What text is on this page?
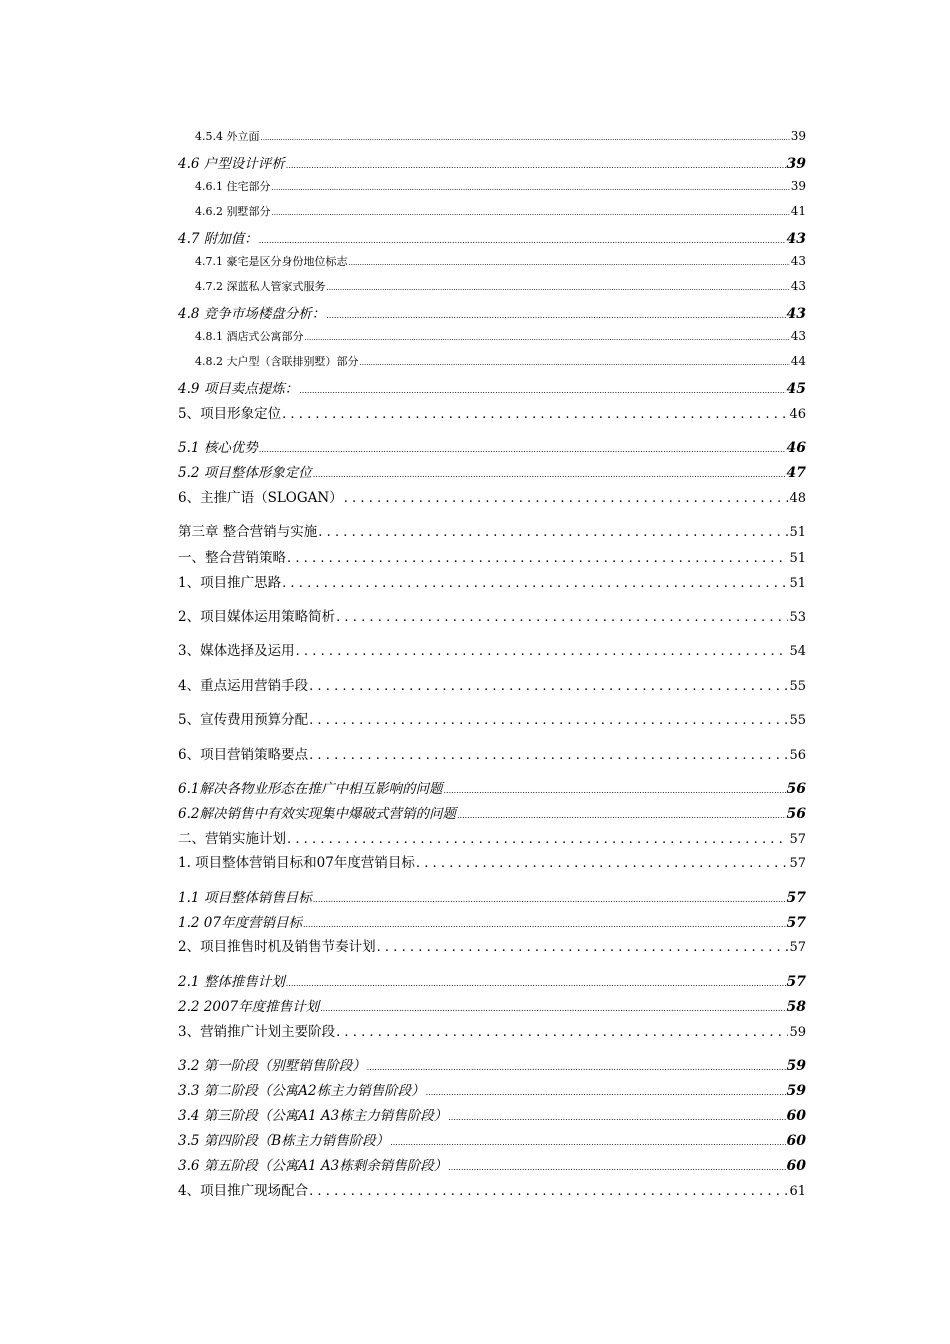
4.5.4 外立面 .....	39
4.6 户型设计评析 .....	39
4.6.1 住宅部分 .....	39
4.6.2 别墅部分 .....	41
4.7 附加值： .....	43
4.7.1 豪宅是区分身份地位标志 .....	43
4.7.2 深蓝私人管家式服务 .....	43
4.8 竞争市场楼盘分析： .....	43
4.8.1 酒店式公寓部分 .....	43
4.8.2 大户型（含联排别墅）部分 .....	44
4.9 项目卖点提炼： .....	45
5、项目形象定位 .....	46
5.1 核心优势 .....	46
5.2 项目整体形象定位 .....	47
6、主推广语（SLOGAN） .....	48
第三章 整合营销与实施 .....	51
一、整合营销策略 .....	51
1、项目推广思路 .....	51
2、项目媒体运用策略简析 .....	53
3、媒体选择及运用 .....	54
4、重点运用营销手段 .....	55
5、宣传费用预算分配 .....	55
6、项目营销策略要点 .....	56
6.1解决各物业形态在推广中相互影响的问题 .....	56
6.2解决销售中有效实现集中爆破式营销的问题 .....	56
二、营销实施计划 .....	57
1. 项目整体营销目标和07年度营销目标 .....	57
1.1 项目整体销售目标 .....	57
1.2 07年度营销目标 .....	57
2、项目推售时机及销售节奏计划 .....	57
2.1 整体推售计划 .....	57
2.2 2007年度推售计划 .....	58
3、营销推广计划主要阶段 .....	59
3.2 第一阶段（别墅销售阶段） .....	59
3.3 第二阶段（公寓A2栋主力销售阶段） .....	59
3.4 第三阶段（公寓A1 A3栋主力销售阶段） .....	60
3.5 第四阶段（B栋主力销售阶段） .....	60
3.6 第五阶段（公寓A1 A3栋剩余销售阶段） .....	60
4、项目推广现场配合 .....	61
